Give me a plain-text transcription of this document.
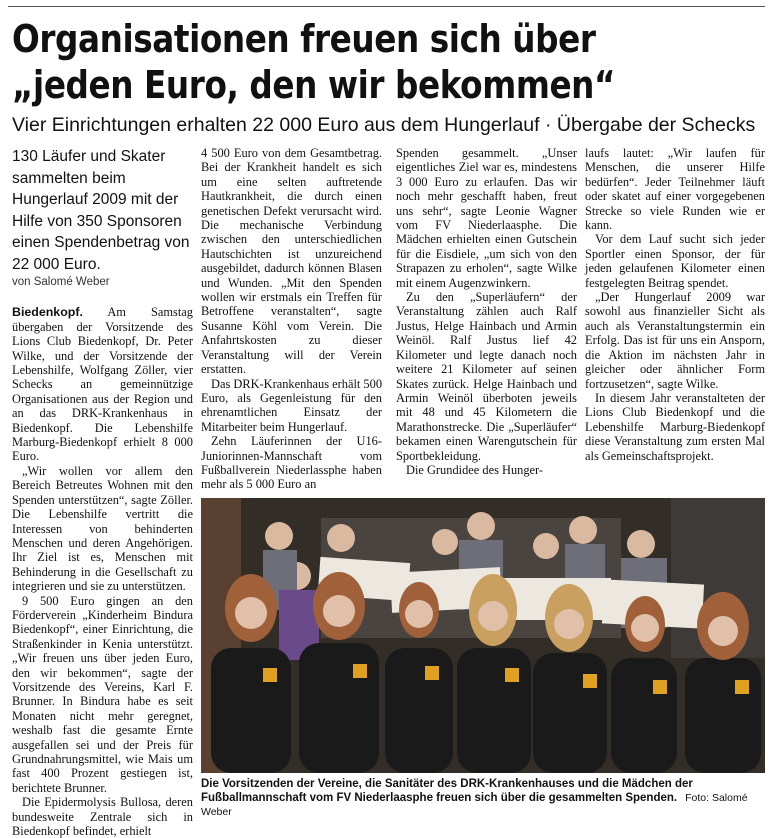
Organisationen freuen sich über
„jeden Euro, den wir bekommen“
Vier Einrichtungen erhalten 22 000 Euro aus dem Hungerlauf · Übergabe der Schecks

130 Läufer und Skater sammelten beim Hungerlauf 2009 mit der Hilfe von 350 Sponsoren einen Spendenbetrag von 22 000 Euro.

von Salomé Weber

Biedenkopf. Am Samstag übergaben der Vorsitzende des Lions Club Biedenkopf, Dr. Peter Wilke, und der Vorsitzende der Lebenshilfe, Wolfgang Zöller, vier Schecks an gemeinnützige Organisationen aus der Region und an das DRK-Krankenhaus in Biedenkopf. Die Lebenshilfe Marburg-Biedenkopf erhielt 8 000 Euro.

„Wir wollen vor allem den Bereich Betreutes Wohnen mit den Spenden unterstützen“, sagte Zöller. Die Lebenshilfe vertritt die Interessen von behinderten Menschen und deren Angehörigen. Ihr Ziel ist es, Menschen mit Behinderung in die Gesellschaft zu integrieren und sie zu unterstützen.

9 500 Euro gingen an den Förderverein „Kinderheim Bindura Biedenkopf“, einer Einrichtung, die Straßenkinder in Kenia unterstützt. „Wir freuen uns über jeden Euro, den wir bekommen“, sagte der Vorsitzende des Vereins, Karl F. Brunner. In Bindura habe es seit Monaten nicht mehr geregnet, weshalb fast die gesamte Ernte ausgefallen sei und der Preis für Grundnahrungsmittel, wie Mais um fast 400 Prozent gestiegen ist, berichtete Brunner.

Die Epidermolysis Bullosa, deren bundesweite Zentrale sich in Biedenkopf befindet, erhielt

4 500 Euro von dem Gesamtbetrag. Bei der Krankheit handelt es sich um eine selten auftretende Hautkrankheit, die durch einen genetischen Defekt verursacht wird. Die mechanische Verbindung zwischen den unterschiedlichen Hautschichten ist unzureichend ausgebildet, dadurch können Blasen und Wunden. „Mit den Spenden wollen wir erstmals ein Treffen für Betroffene veranstalten“, sagte Susanne Köhl vom Verein. Die Anfahrtskosten zu dieser Veranstaltung will der Verein erstatten.

Das DRK-Krankenhaus erhält 500 Euro, als Gegenleistung für den ehrenamtlichen Einsatz der Mitarbeiter beim Hungerlauf.

Zehn Läuferinnen der U16-Juniorinnen-Mannschaft vom Fußballverein Niederlassphe haben mehr als 5 000 Euro an

Spenden gesammelt. „Unser eigentliches Ziel war es, mindestens 3 000 Euro zu erlaufen. Das wir noch mehr geschafft haben, freut uns sehr“, sagte Leonie Wagner vom FV Niederlaasphe. Die Mädchen erhielten einen Gutschein für die Eisdiele, „um sich von den Strapazen zu erholen“, sagte Wilke mit einem Augenzwinkern.

Zu den „Superläufern“ der Veranstaltung zählen auch Ralf Justus, Helge Hainbach und Armin Weinöl. Ralf Justus lief 42 Kilometer und legte danach noch weitere 21 Kilometer auf seinen Skates zurück. Helge Hainbach und Armin Weinöl überboten jeweils mit 48 und 45 Kilometern die Marathonstrecke. Die „Superläufer“ bekamen einen Warengutschein für Sportbekleidung.

Die Grundidee des Hunger-

laufs lautet: „Wir laufen für Menschen, die unserer Hilfe bedürfen“. Jeder Teilnehmer läuft oder skatet auf einer vorgegebenen Strecke so viele Runden wie er kann.

Vor dem Lauf sucht sich jeder Sportler einen Sponsor, der für jeden gelaufenen Kilometer einen festgelegten Beitrag spendet.

„Der Hungerlauf 2009 war sowohl aus finanzieller Sicht als auch als Veranstaltungstermin ein Erfolg. Das ist für uns ein Ansporn, die Aktion im nächsten Jahr in gleicher oder ähnlicher Form fortzusetzen“, sagte Wilke.

In diesem Jahr veranstalteten der Lions Club Biedenkopf und die Lebenshilfe Marburg-Biedenkopf diese Veranstaltung zum ersten Mal als Gemeinschaftsprojekt.

Die Vorsitzenden der Vereine, die Sanitäter des DRK-Krankenhauses und die Mädchen der Fußballmannschaft vom FV Niederlaasphe freuen sich über die gesammelten Spenden. Foto: Salomé Weber
